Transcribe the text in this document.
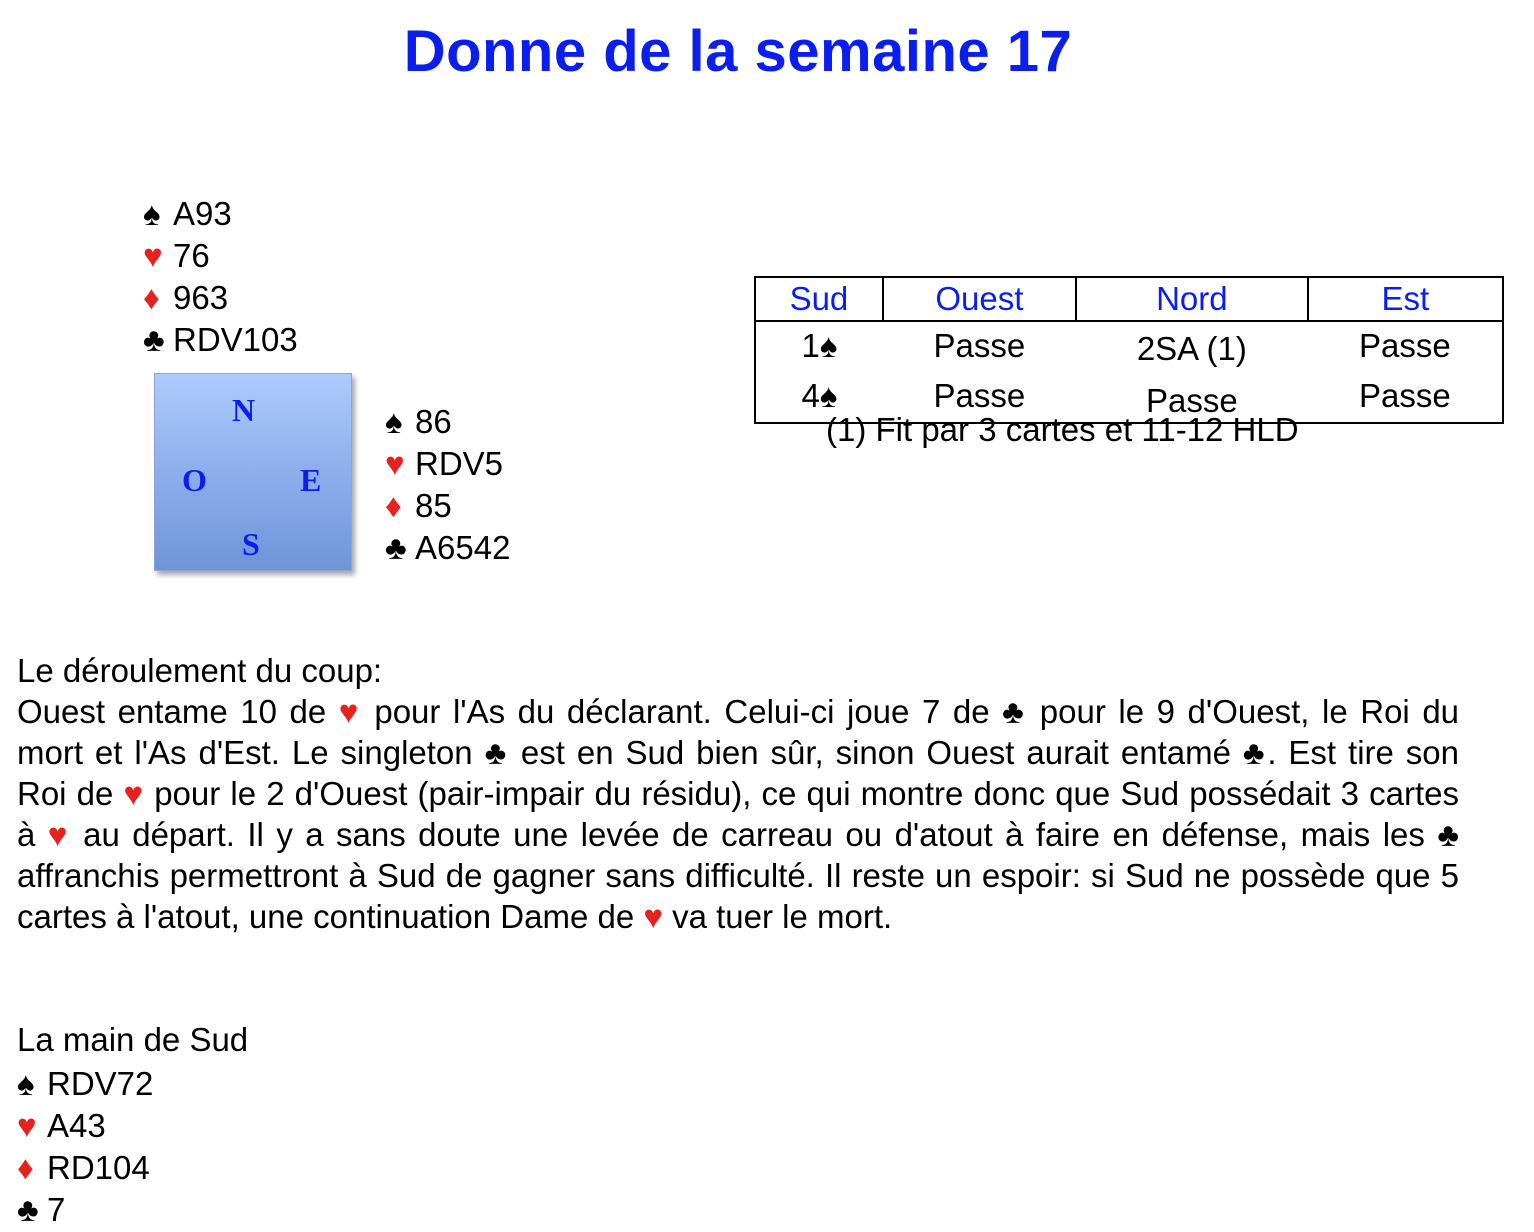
Donne de la semaine 17
♠ A93
♥ 76
♦ 963
♣ RDV103
N
O	E
S
♠ 86
♥ RDV5
♦ 85
♣ A6542
Sud	Ouest	Nord	Est
1♠	Passe	2SA (1)	Passe
4♠	Passe	Passe	Passe
(1) Fit par 3 cartes et 11-12 HLD
Le déroulement du coup:
Ouest entame 10 de ♥ pour l'As du déclarant. Celui-ci joue 7 de ♣ pour le 9 d'Ouest, le Roi du mort et l'As d'Est. Le singleton ♣ est en Sud bien sûr, sinon Ouest aurait entamé ♣. Est tire son Roi de ♥ pour le 2 d'Ouest (pair-impair du résidu), ce qui montre donc que Sud possédait 3 cartes à ♥ au départ. Il y a sans doute une levée de carreau ou d'atout à faire en défense, mais les ♣ affranchis permettront à Sud de gagner sans difficulté. Il reste un espoir: si Sud ne possède que 5 cartes à l'atout, une continuation Dame de ♥ va tuer le mort.
La main de Sud
♠ RDV72
♥ A43
♦ RD104
♣ 7
